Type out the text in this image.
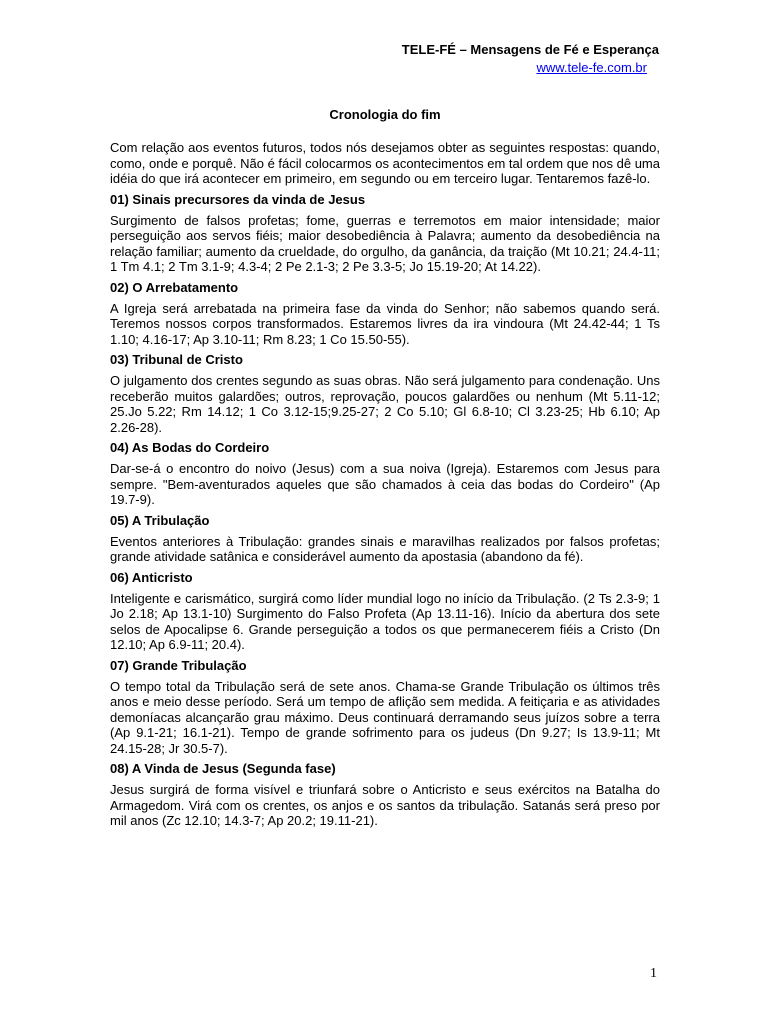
TELE-FÉ – Mensagens de Fé e Esperança
www.tele-fe.com.br
Cronologia do fim

Com relação aos eventos futuros, todos nós desejamos obter as seguintes respostas: quando, como, onde e porquê. Não é fácil colocarmos os acontecimentos em tal ordem que nos dê uma idéia do que irá acontecer em primeiro, em segundo ou em terceiro lugar. Tentaremos fazê-lo.

01) Sinais precursores da vinda de Jesus

Surgimento de falsos profetas; fome, guerras e terremotos em maior intensidade; maior perseguição aos servos fiéis; maior desobediência à Palavra; aumento da desobediência na relação familiar; aumento da crueldade, do orgulho, da ganância, da traição (Mt 10.21; 24.4-11; 1 Tm 4.1; 2 Tm 3.1-9; 4.3-4; 2 Pe 2.1-3; 2 Pe 3.3-5; Jo 15.19-20; At 14.22).

02) O Arrebatamento

A Igreja será arrebatada na primeira fase da vinda do Senhor; não sabemos quando será. Teremos nossos corpos transformados. Estaremos livres da ira vindoura (Mt 24.42-44; 1 Ts 1.10; 4.16-17; Ap 3.10-11; Rm 8.23; 1 Co 15.50-55).

03) Tribunal de Cristo

O julgamento dos crentes segundo as suas obras. Não será julgamento para condenação. Uns receberão muitos galardões; outros, reprovação, poucos galardões ou nenhum (Mt 5.11-12; 25.Jo 5.22; Rm 14.12; 1 Co 3.12-15;9.25-27; 2 Co 5.10; Gl 6.8-10; Cl 3.23-25; Hb 6.10; Ap 2.26-28).

04) As Bodas do Cordeiro

Dar-se-á o encontro do noivo (Jesus) com a sua noiva (Igreja). Estaremos com Jesus para sempre. "Bem-aventurados aqueles que são chamados à ceia das bodas do Cordeiro" (Ap 19.7-9).

05) A Tribulação

Eventos anteriores à Tribulação: grandes sinais e maravilhas realizados por falsos profetas; grande atividade satânica e considerável aumento da apostasia (abandono da fé).

06) Anticristo

Inteligente e carismático, surgirá como líder mundial logo no início da Tribulação. (2 Ts 2.3-9; 1 Jo 2.18; Ap 13.1-10) Surgimento do Falso Profeta (Ap 13.11-16). Início da abertura dos sete selos de Apocalipse 6. Grande perseguição a todos os que permanecerem fiéis a Cristo (Dn 12.10; Ap 6.9-11; 20.4).

07) Grande Tribulação

O tempo total da Tribulação será de sete anos. Chama-se Grande Tribulação os últimos três anos e meio desse período. Será um tempo de aflição sem medida. A feitiçaria e as atividades demoníacas alcançarão grau máximo. Deus continuará derramando seus juízos sobre a terra (Ap 9.1-21; 16.1-21). Tempo de grande sofrimento para os judeus (Dn 9.27; Is 13.9-11; Mt 24.15-28; Jr 30.5-7).

08) A Vinda de Jesus (Segunda fase)

Jesus surgirá de forma visível e triunfará sobre o Anticristo e seus exércitos na Batalha do Armagedom. Virá com os crentes, os anjos e os santos da tribulação. Satanás será preso por mil anos (Zc 12.10; 14.3-7; Ap 20.2; 19.11-21).

1
